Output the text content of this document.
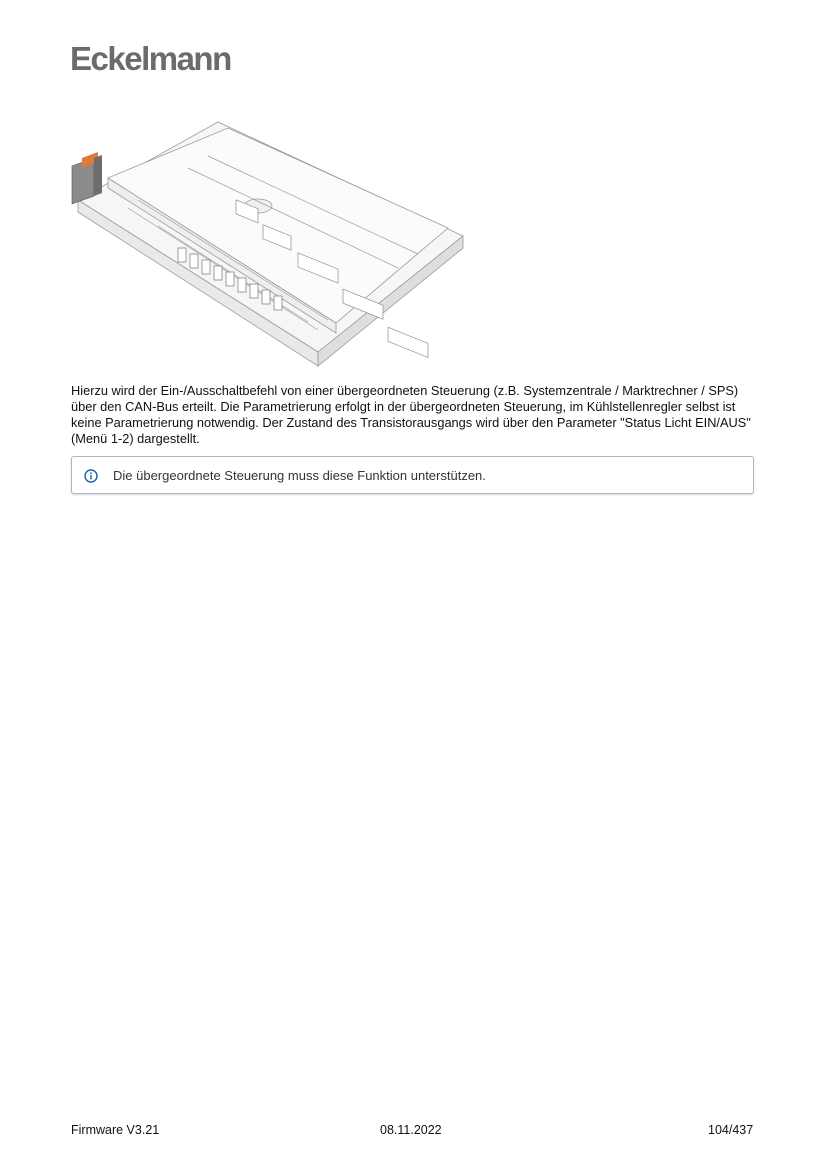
Eckelmann

Hierzu wird der Ein-/Ausschaltbefehl von einer übergeordneten Steuerung (z.B. Systemzentrale / Marktrechner / SPS) über den CAN-Bus erteilt. Die Parametrierung erfolgt in der übergeordneten Steuerung, im Kühlstellenregler selbst ist keine Parametrierung notwendig. Der Zustand des Transistorausgangs wird über den Parameter "Status Licht EIN/AUS" (Menü 1-2) dargestellt.

Die übergeordnete Steuerung muss diese Funktion unterstützen.
Firmware V3.21	08.11.2022	104/437
